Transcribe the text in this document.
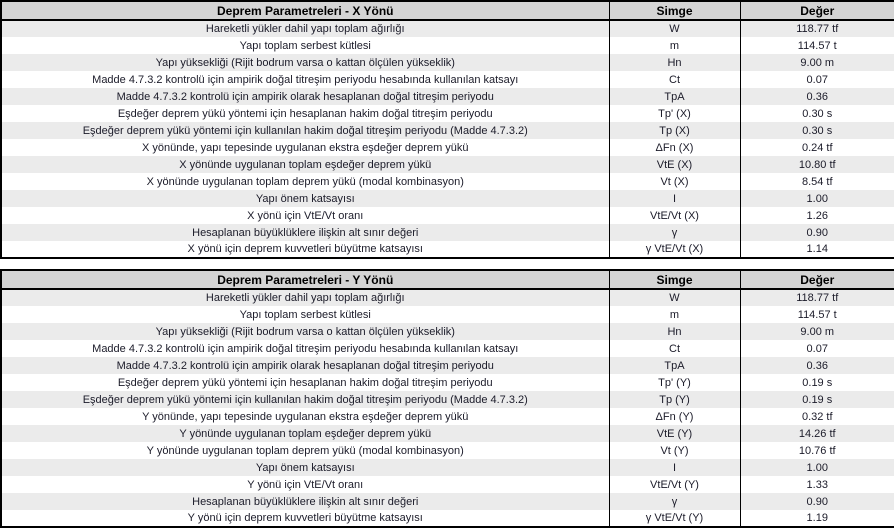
Deprem Parametreleri - X Yönü	Simge	Değer
Hareketli yükler dahil yapı toplam ağırlığı	W	118.77 tf
Yapı toplam serbest kütlesi	m	114.57 t
Yapı yüksekliği (Rijit bodrum varsa o kattan ölçülen yükseklik)	Hn	9.00 m
Madde 4.7.3.2 kontrolü için ampirik doğal titreşim periyodu hesabında kullanılan katsayı	Ct	0.07
Madde 4.7.3.2 kontrolü için ampirik olarak hesaplanan doğal titreşim periyodu	TpA	0.36
Eşdeğer deprem yükü yöntemi için hesaplanan hakim doğal titreşim periyodu	Tp' (X)	0.30 s
Eşdeğer deprem yükü yöntemi için kullanılan hakim doğal titreşim periyodu (Madde 4.7.3.2)	Tp (X)	0.30 s
X yönünde, yapı tepesinde uygulanan ekstra eşdeğer deprem yükü	ΔFn (X)	0.24 tf
X yönünde uygulanan toplam eşdeğer deprem yükü	VtE (X)	10.80 tf
X yönünde uygulanan toplam deprem yükü (modal kombinasyon)	Vt (X)	8.54 tf
Yapı önem katsayısı	I	1.00
X yönü için VtE/Vt oranı	VtE/Vt (X)	1.26
Hesaplanan büyüklüklere ilişkin alt sınır değeri	γ	0.90
X yönü için deprem kuvvetleri büyütme katsayısı	γ VtE/Vt (X)	1.14
Deprem Parametreleri - Y Yönü	Simge	Değer
Hareketli yükler dahil yapı toplam ağırlığı	W	118.77 tf
Yapı toplam serbest kütlesi	m	114.57 t
Yapı yüksekliği (Rijit bodrum varsa o kattan ölçülen yükseklik)	Hn	9.00 m
Madde 4.7.3.2 kontrolü için ampirik doğal titreşim periyodu hesabında kullanılan katsayı	Ct	0.07
Madde 4.7.3.2 kontrolü için ampirik olarak hesaplanan doğal titreşim periyodu	TpA	0.36
Eşdeğer deprem yükü yöntemi için hesaplanan hakim doğal titreşim periyodu	Tp' (Y)	0.19 s
Eşdeğer deprem yükü yöntemi için kullanılan hakim doğal titreşim periyodu (Madde 4.7.3.2)	Tp (Y)	0.19 s
Y yönünde, yapı tepesinde uygulanan ekstra eşdeğer deprem yükü	ΔFn (Y)	0.32 tf
Y yönünde uygulanan toplam eşdeğer deprem yükü	VtE (Y)	14.26 tf
Y yönünde uygulanan toplam deprem yükü (modal kombinasyon)	Vt (Y)	10.76 tf
Yapı önem katsayısı	I	1.00
Y yönü için VtE/Vt oranı	VtE/Vt (Y)	1.33
Hesaplanan büyüklüklere ilişkin alt sınır değeri	γ	0.90
Y yönü için deprem kuvvetleri büyütme katsayısı	γ VtE/Vt (Y)	1.19
